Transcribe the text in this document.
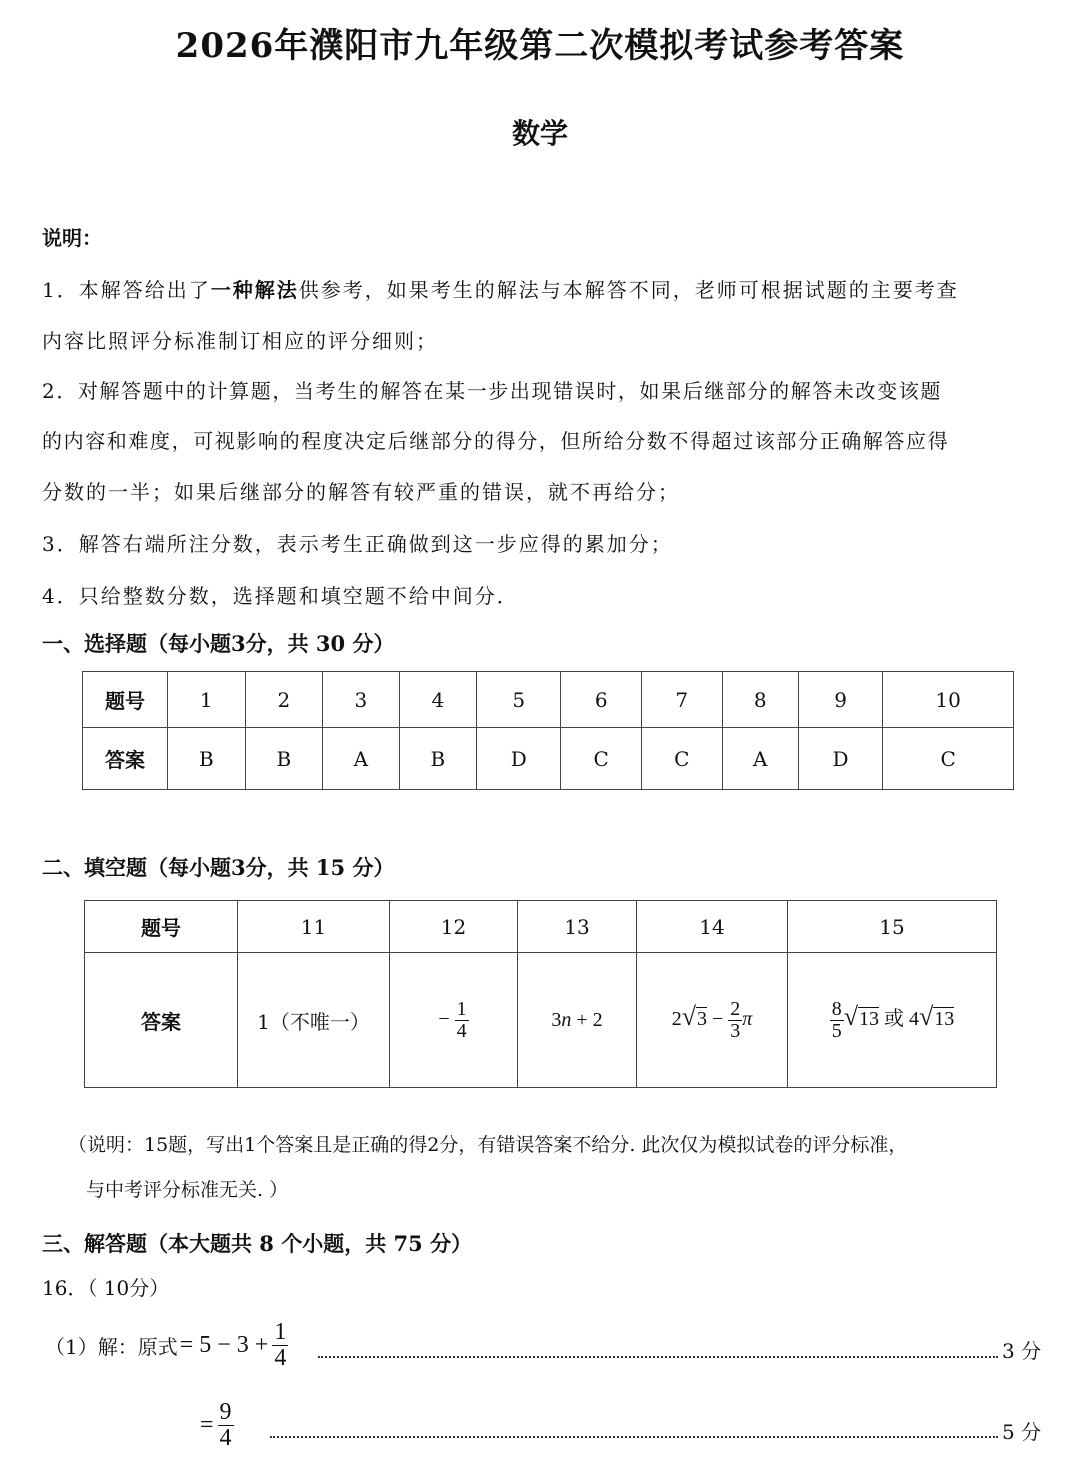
2026年濮阳市九年级第二次模拟考试参考答案
数学
说明：
1．本解答给出了一种解法供参考，如果考生的解法与本解答不同，老师可根据试题的主要考查
内容比照评分标准制订相应的评分细则；
2．对解答题中的计算题，当考生的解答在某一步出现错误时，如果后继部分的解答未改变该题
的内容和难度，可视影响的程度决定后继部分的得分，但所给分数不得超过该部分正确解答应得
分数的一半；如果后继部分的解答有较严重的错误，就不再给分；
3．解答右端所注分数，表示考生正确做到这一步应得的累加分；
4．只给整数分数，选择题和填空题不给中间分．
一、选择题（每小题3分，共 30 分）
题号	1	2	3	4	5	6	7	8	9	10
答案	B	B	A	B	D	C	C	A	D	C
二、填空题（每小题3分，共 15 分）
题号	11	12	13	14	15
答案	1（不唯一）	− $\frac{1}{4}$	3n + 2	$2√3 - \frac{2}{3}$ π	$\frac{8}{5} √13$ 或 4√13
（说明：15题，写出1个答案且是正确的得2分，有错误答案不给分. 此次仅为模拟试卷的评分标准，
与中考评分标准无关. ）
三、解答题（本大题共 8 个小题，共 75 分）
16．（ 10分）
（1）解：原式 = $5 - 3 + \frac{1}{4}$	3 分
= $\frac{9}{4}$	5 分
